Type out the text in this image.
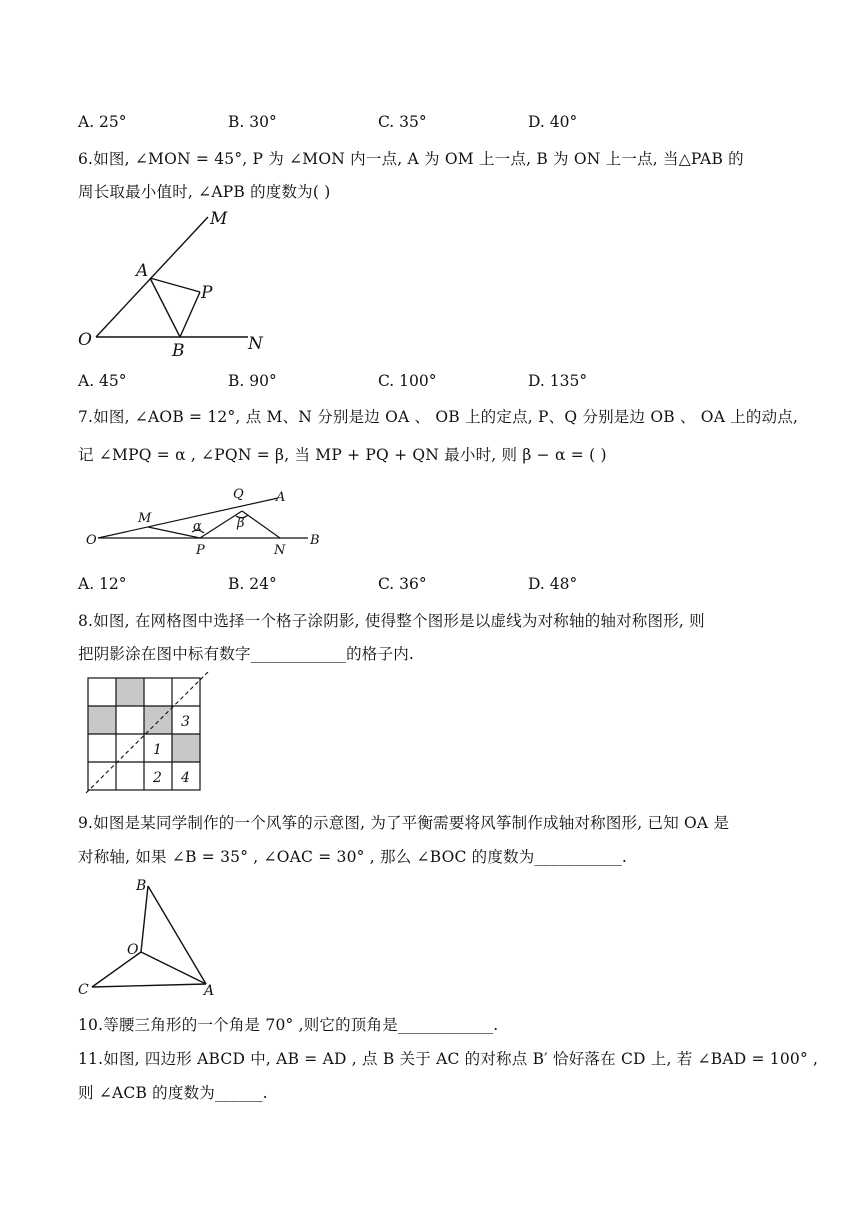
A. 25°	B. 30°	C. 35°	D. 40°
6.如图, ∠MON = 45°, P 为 ∠MON 内一点, A 为 OM 上一点, B 为 ON 上一点, 当△PAB 的
周长取最小值时, ∠APB 的度数为( )
M
A
P
O
B	N
A. 45°	B. 90°	C. 100°	D. 135°
7.如图, ∠AOB = 12°, 点 M、N 分别是边 OA 、 OB 上的定点, P、Q 分别是边 OB 、 OA 上的动点,
记 ∠MPQ = α , ∠PQN = β, 当 MP + PQ + QN 最小时, 则 β − α = ( )
O
M
Q A
α	β
P	N
B
A. 12°	B. 24°	C. 36°	D. 48°
8.如图, 在网格图中选择一个格子涂阴影, 使得整个图形是以虚线为对称轴的轴对称图形, 则
把阴影涂在图中标有数字____________的格子内.
3
1
2 4
9.如图是某同学制作的一个风筝的示意图, 为了平衡需要将风筝制作成轴对称图形, 已知 OA 是
对称轴, 如果 ∠B = 35° , ∠OAC = 30° , 那么 ∠BOC 的度数为___________.
B
O
C	A
10.等腰三角形的一个角是 70° ,则它的顶角是____________.
11.如图, 四边形 ABCD 中, AB = AD , 点 B 关于 AC 的对称点 B′ 恰好落在 CD 上, 若 ∠BAD = 100° ,
则 ∠ACB 的度数为______.
